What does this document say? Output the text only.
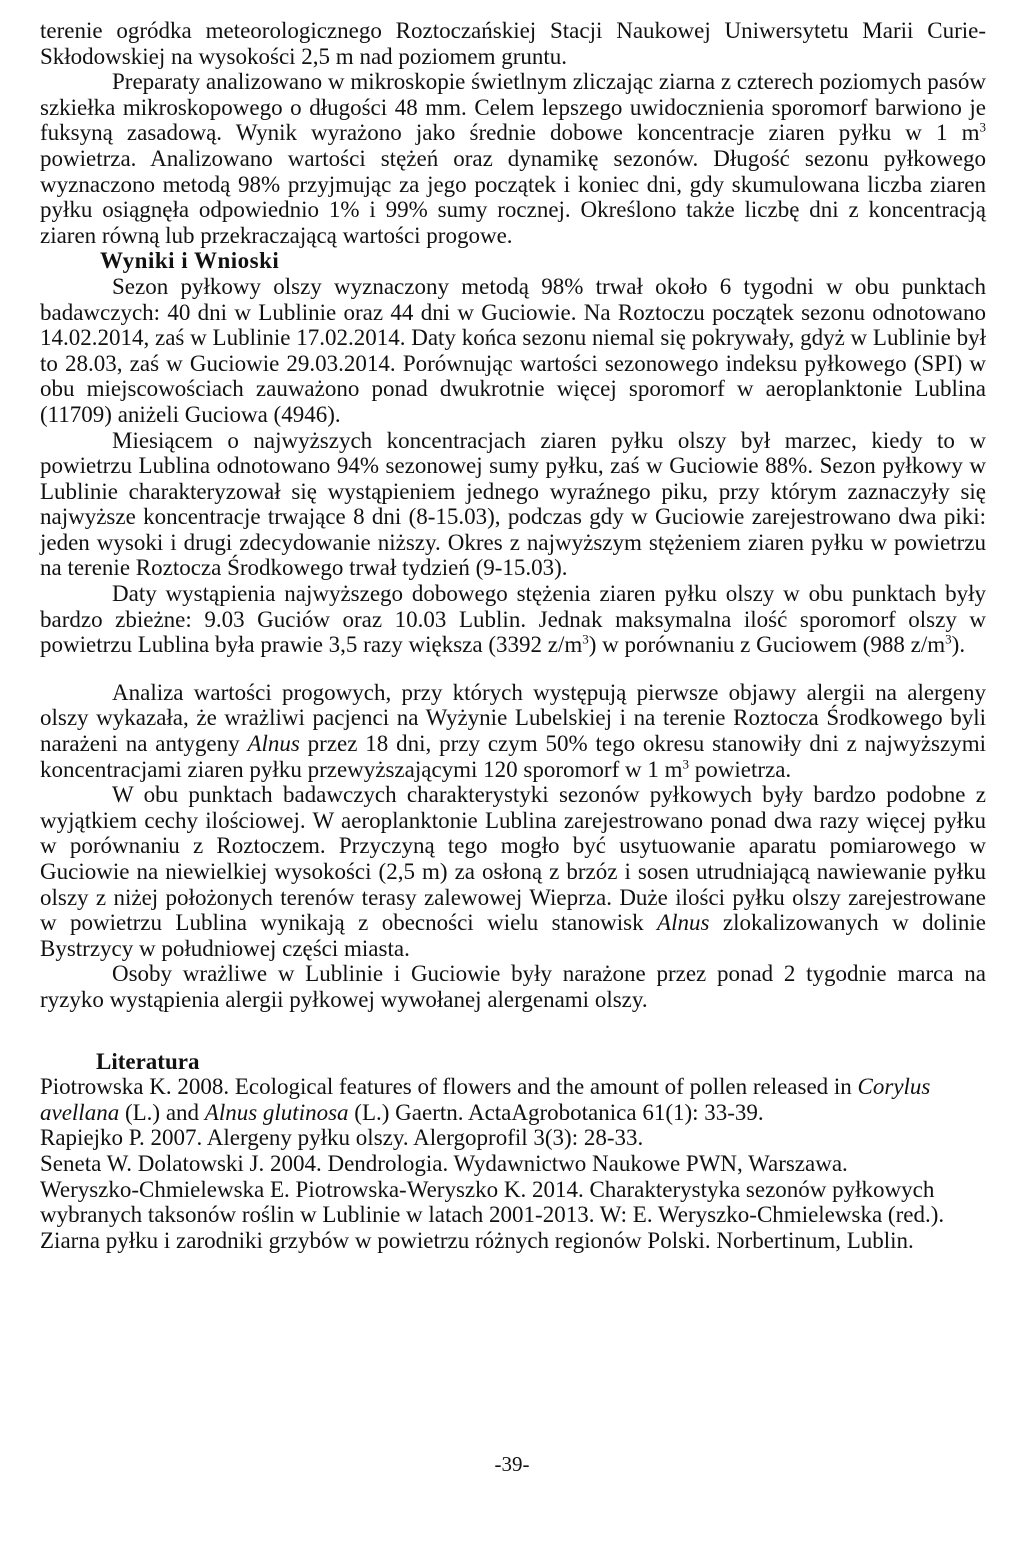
terenie ogródka meteorologicznego Roztoczańskiej Stacji Naukowej Uniwersytetu Marii Curie-Skłodowskiej na wysokości 2,5 m nad poziomem gruntu.

Preparaty analizowano w mikroskopie świetlnym zliczając ziarna z czterech poziomych pasów szkiełka mikroskopowego o długości 48 mm. Celem lepszego uwidocznienia sporomorf barwiono je fuksyną zasadową. Wynik wyrażono jako średnie dobowe koncentracje ziaren pyłku w 1 $m^3$ powietrza. Analizowano wartości stężeń oraz dynamikę sezonów. Długość sezonu pyłkowego wyznaczono metodą 98% przyjmując za jego początek i koniec dni, gdy skumulowana liczba ziaren pyłku osiągnęła odpowiednio 1% i 99% sumy rocznej. Określono także liczbę dni z koncentracją ziaren równą lub przekraczającą wartości progowe.

Wyniki i Wnioski

Sezon pyłkowy olszy wyznaczony metodą 98% trwał około 6 tygodni w obu punktach badawczych: 40 dni w Lublinie oraz 44 dni w Guciowie. Na Roztoczu początek sezonu odnotowano 14.02.2014, zaś w Lublinie 17.02.2014. Daty końca sezonu niemal się pokrywały, gdyż w Lublinie był to 28.03, zaś w Guciowie 29.03.2014. Porównując wartości sezonowego indeksu pyłkowego (SPI) w obu miejscowościach zauważono ponad dwukrotnie więcej sporomorf w aeroplanktonie Lublina (11709) aniżeli Guciowa (4946).

Miesiącem o najwyższych koncentracjach ziaren pyłku olszy był marzec, kiedy to w powietrzu Lublina odnotowano 94% sezonowej sumy pyłku, zaś w Guciowie 88%. Sezon pyłkowy w Lublinie charakteryzował się wystąpieniem jednego wyraźnego piku, przy którym zaznaczyły się najwyższe koncentracje trwające 8 dni (8-15.03), podczas gdy w Guciowie zarejestrowano dwa piki: jeden wysoki i drugi zdecydowanie niższy. Okres z najwyższym stężeniem ziaren pyłku w powietrzu na terenie Roztocza Środkowego trwał tydzień (9-15.03).

Daty wystąpienia najwyższego dobowego stężenia ziaren pyłku olszy w obu punktach były bardzo zbieżne: 9.03 Guciów oraz 10.03 Lublin. Jednak maksymalna ilość sporomorf olszy w powietrzu Lublina była prawie 3,5 razy większa (3392 $z/m^3$) w porównaniu z Guciowem (988 $z/m^3$).

Analiza wartości progowych, przy których występują pierwsze objawy alergii na alergeny olszy wykazała, że wrażliwi pacjenci na Wyżynie Lubelskiej i na terenie Roztocza Środkowego byli narażeni na antygeny Alnus przez 18 dni, przy czym 50% tego okresu stanowiły dni z najwyższymi koncentracjami ziaren pyłku przewyższającymi 120 sporomorf w 1 $m^3$ powietrza.

W obu punktach badawczych charakterystyki sezonów pyłkowych były bardzo podobne z wyjątkiem cechy ilościowej. W aeroplanktonie Lublina zarejestrowano ponad dwa razy więcej pyłku w porównaniu z Roztoczem. Przyczyną tego mogło być usytuowanie aparatu pomiarowego w Guciowie na niewielkiej wysokości (2,5 m) za osłoną z brzóz i sosen utrudniającą nawiewanie pyłku olszy z niżej położonych terenów terasy zalewowej Wieprza. Duże ilości pyłku olszy zarejestrowane w powietrzu Lublina wynikają z obecności wielu stanowisk Alnus zlokalizowanych w dolinie Bystrzycy w południowej części miasta.

Osoby wrażliwe w Lublinie i Guciowie były narażone przez ponad 2 tygodnie marca na ryzyko wystąpienia alergii pyłkowej wywołanej alergenami olszy.

Literatura

Piotrowska K. 2008. Ecological features of flowers and the amount of pollen released in Corylus avellana (L.) and Alnus glutinosa (L.) Gaertn. ActaAgrobotanica 61(1): 33-39.

Rapiejko P. 2007. Alergeny pyłku olszy. Alergoprofil 3(3): 28-33.

Seneta W. Dolatowski J. 2004. Dendrologia. Wydawnictwo Naukowe PWN, Warszawa.

Weryszko-Chmielewska E. Piotrowska-Weryszko K. 2014. Charakterystyka sezonów pyłkowych wybranych taksonów roślin w Lublinie w latach 2001-2013. W: E. Weryszko-Chmielewska (red.). Ziarna pyłku i zarodniki grzybów w powietrzu różnych regionów Polski. Norbertinum, Lublin.

-39-
